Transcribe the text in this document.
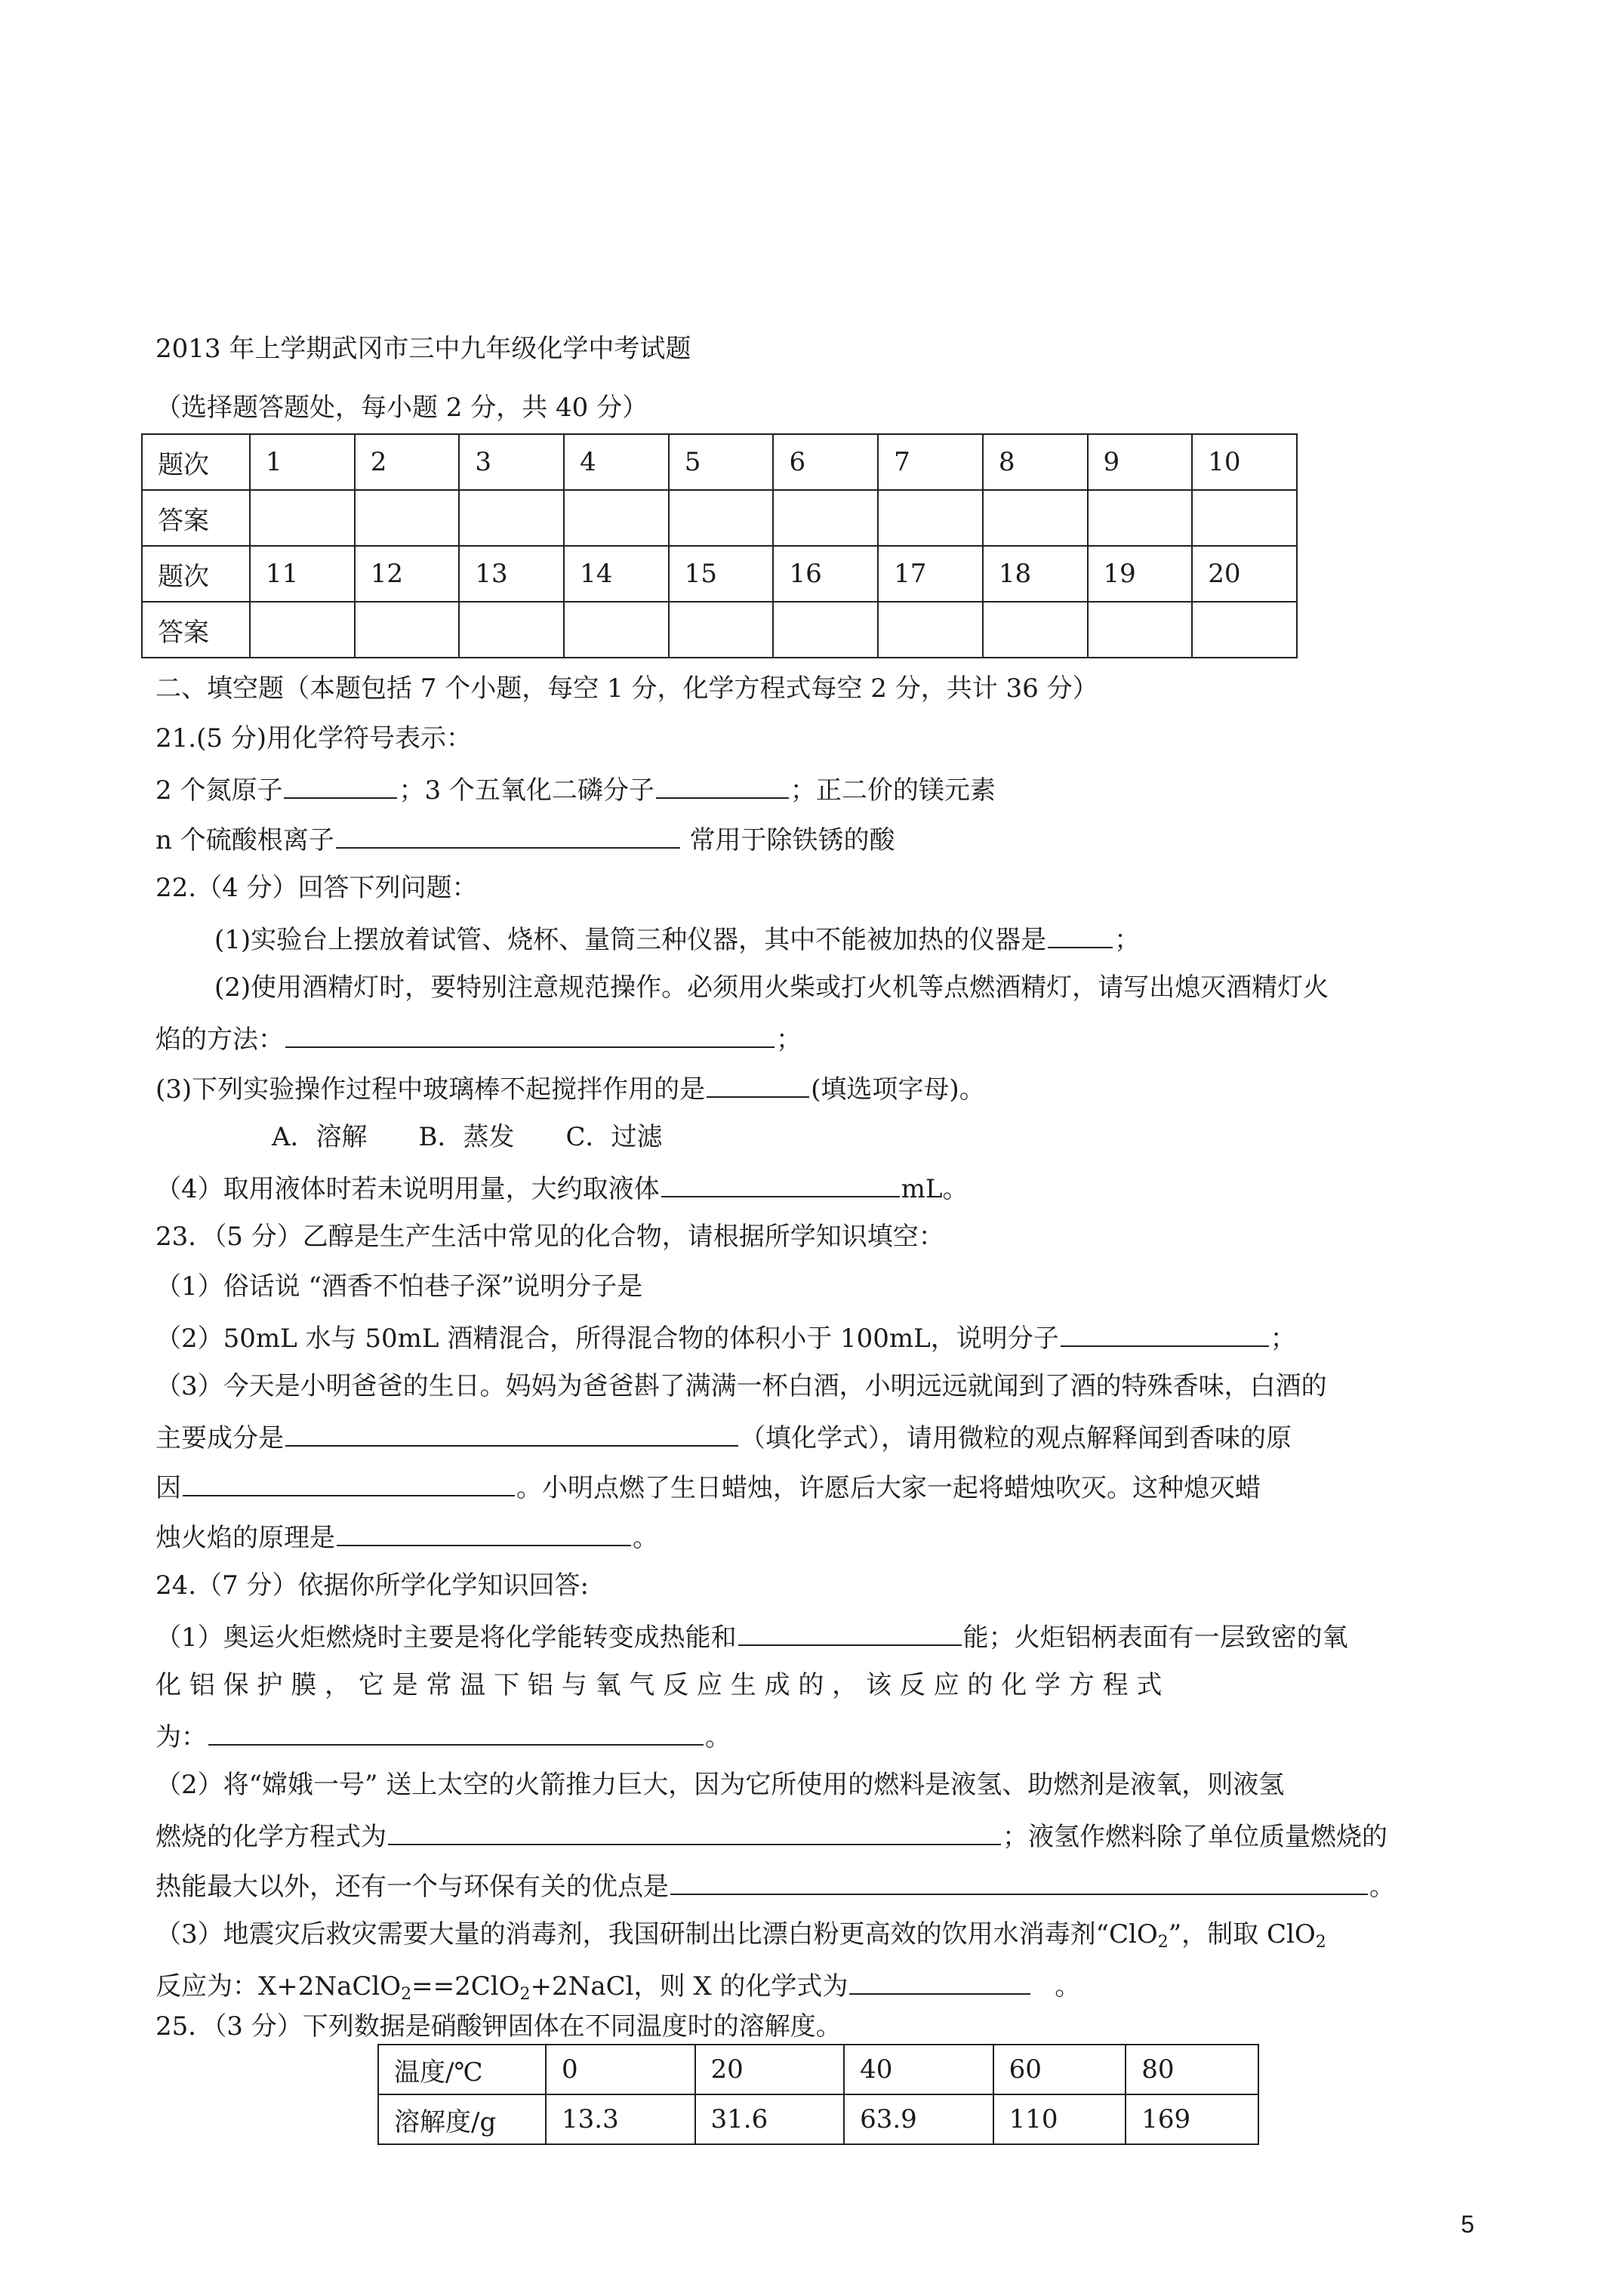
2013 年上学期武冈市三中九年级化学中考试题
（选择题答题处，每小题 2 分，共 40 分）
题次	1	2	3	4	5	6	7	8	9	10
答案										
题次	11	12	13	14	15	16	17	18	19	20
答案										
二、填空题（本题包括 7 个小题，每空 1 分，化学方程式每空 2 分，共计 36 分）
21.(5 分)用化学符号表示：
2 个氮原子	；3 个五氧化二磷分子	；正二价的镁元素
n 个硫酸根离子	常用于除铁锈的酸
22.（4 分）回答下列问题：
(1)实验台上摆放着试管、烧杯、量筒三种仪器，其中不能被加热的仪器是	；
(2)使用酒精灯时，要特别注意规范操作。必须用火柴或打火机等点燃酒精灯，请写出熄灭酒精灯火
焰的方法：	；
(3)下列实验操作过程中玻璃棒不起搅拌作用的是	(填选项字母)。
A．溶解　　B．蒸发　　C．过滤
（4）取用液体时若未说明用量，大约取液体	mL。
23．（5 分）乙醇是生产生活中常见的化合物，请根据所学知识填空：
（1）俗话说 “酒香不怕巷子深”说明分子是
（2）50mL 水与 50mL 酒精混合，所得混合物的体积小于 100mL，说明分子	；
（3）今天是小明爸爸的生日。妈妈为爸爸斟了满满一杯白酒，小明远远就闻到了酒的特殊香味，白酒的
主要成分是	（填化学式），请用微粒的观点解释闻到香味的原
因	。小明点燃了生日蜡烛，许愿后大家一起将蜡烛吹灭。这种熄灭蜡
烛火焰的原理是	。
24.（7 分）依据你所学化学知识回答:
（1）奥运火炬燃烧时主要是将化学能转变成热能和	能；火炬铝柄表面有一层致密的氧
化 铝 保 护 膜 ， 它 是 常 温 下 铝 与 氧 气 反 应 生 成 的 ， 该 反 应 的 化 学 方 程 式
为：	。
（2）将“嫦娥一号” 送上太空的火箭推力巨大，因为它所使用的燃料是液氢、助燃剂是液氧，则液氢
燃烧的化学方程式为	；液氢作燃料除了单位质量燃烧的
热能最大以外，还有一个与环保有关的优点是	。
（3）地震灾后救灾需要大量的消毒剂，我国研制出比漂白粉更高效的饮用水消毒剂“ClO$_2$”，制取 ClO$_2$
反应为：X+2NaClO$_2$==2ClO$_2$+2NaCl，则 X 的化学式为	。
25．（3 分）下列数据是硝酸钾固体在不同温度时的溶解度。
温度/℃	0	20	40	60	80
溶解度/g	13.3	31.6	63.9	110	169
5
